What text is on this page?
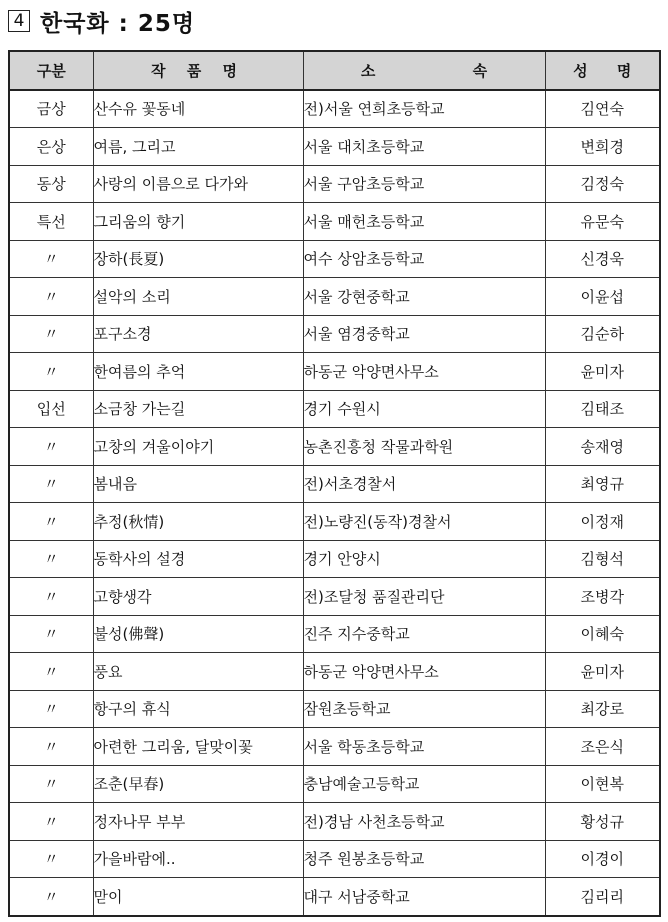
4 한국화 : 25명
구분	작 품 명	소 속	성 명
금상	산수유 꽃동네	전)서울 연희초등학교	김연숙
은상	여름, 그리고	서울 대치초등학교	변희경
동상	사랑의 이름으로 다가와	서울 구암초등학교	김정숙
특선	그리움의 향기	서울 매헌초등학교	유문숙
〃	장하(長夏)	여수 상암초등학교	신경욱
〃	설악의 소리	서울 강현중학교	이윤섭
〃	포구소경	서울 염경중학교	김순하
〃	한여름의 추억	하동군 악양면사무소	윤미자
입선	소금창 가는길	경기 수원시	김태조
〃	고창의 겨울이야기	농촌진흥청 작물과학원	송재영
〃	봄내음	전)서초경찰서	최영규
〃	추정(秋情)	전)노량진(동작)경찰서	이정재
〃	동학사의 설경	경기 안양시	김형석
〃	고향생각	전)조달청 품질관리단	조병각
〃	불성(佛聲)	진주 지수중학교	이혜숙
〃	풍요	하동군 악양면사무소	윤미자
〃	항구의 휴식	잠원초등학교	최강로
〃	아련한 그리움, 달맞이꽃	서울 학동초등학교	조은식
〃	조춘(早春)	충남예술고등학교	이현복
〃	정자나무 부부	전)경남 사천초등학교	황성규
〃	가을바람에..	청주 원봉초등학교	이경이
〃	맏이	대구 서남중학교	김리리
